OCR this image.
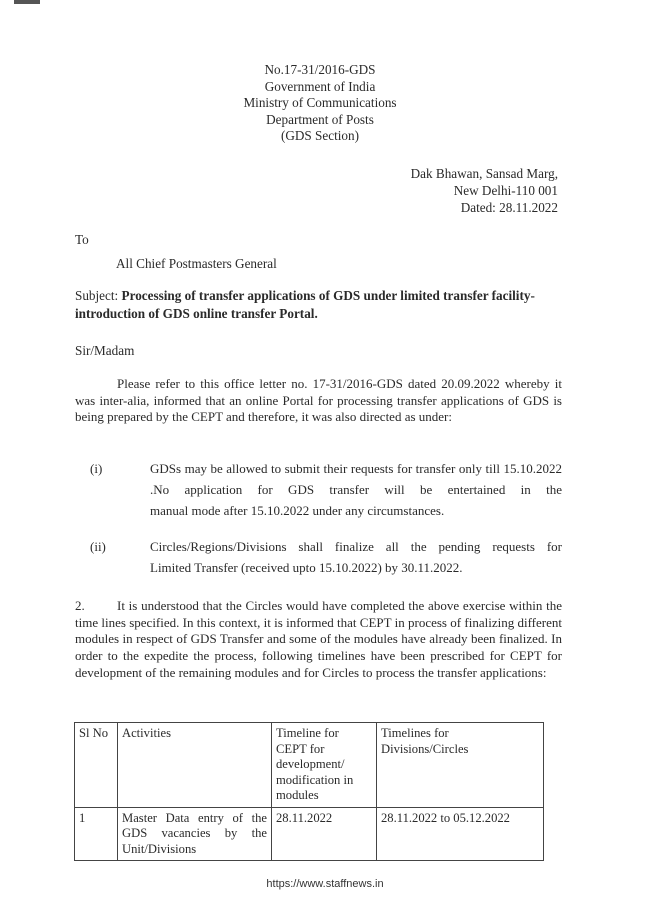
No.17-31/2016-GDS
Government of India
Ministry of Communications
Department of Posts
(GDS Section)
Dak Bhawan, Sansad Marg,
New Delhi-110 001
Dated: 28.11.2022
To
All Chief Postmasters General
Subject: Processing of transfer applications of GDS under limited transfer facility- introduction of GDS online transfer Portal.
Sir/Madam
Please refer to this office letter no. 17-31/2016-GDS dated 20.09.2022 whereby it was inter-alia, informed that an online Portal for processing transfer applications of GDS is being prepared by the CEPT and therefore, it was also directed as under:
(i)	GDSs may be allowed to submit their requests for transfer only till 15.10.2022 .No application for GDS transfer will be entertained in the
manual mode after 15.10.2022 under any circumstances.
(ii)	Circles/Regions/Divisions shall finalize all the pending requests for
Limited Transfer (received upto 15.10.2022) by 30.11.2022.
2. It is understood that the Circles would have completed the above exercise within the time lines specified. In this context, it is informed that CEPT in process of finalizing different modules in respect of GDS Transfer and some of the modules have already been finalized. In order to the expedite the process, following timelines have been prescribed for CEPT for development of the remaining modules and for Circles to process the transfer applications:
Sl No	Activities	Timeline for CEPT for development/ modification in modules	Timelines for Divisions/Circles
1	Master Data entry of the GDS vacancies by the Unit/Divisions	28.11.2022	28.11.2022 to 05.12.2022
https://www.staffnews.in
